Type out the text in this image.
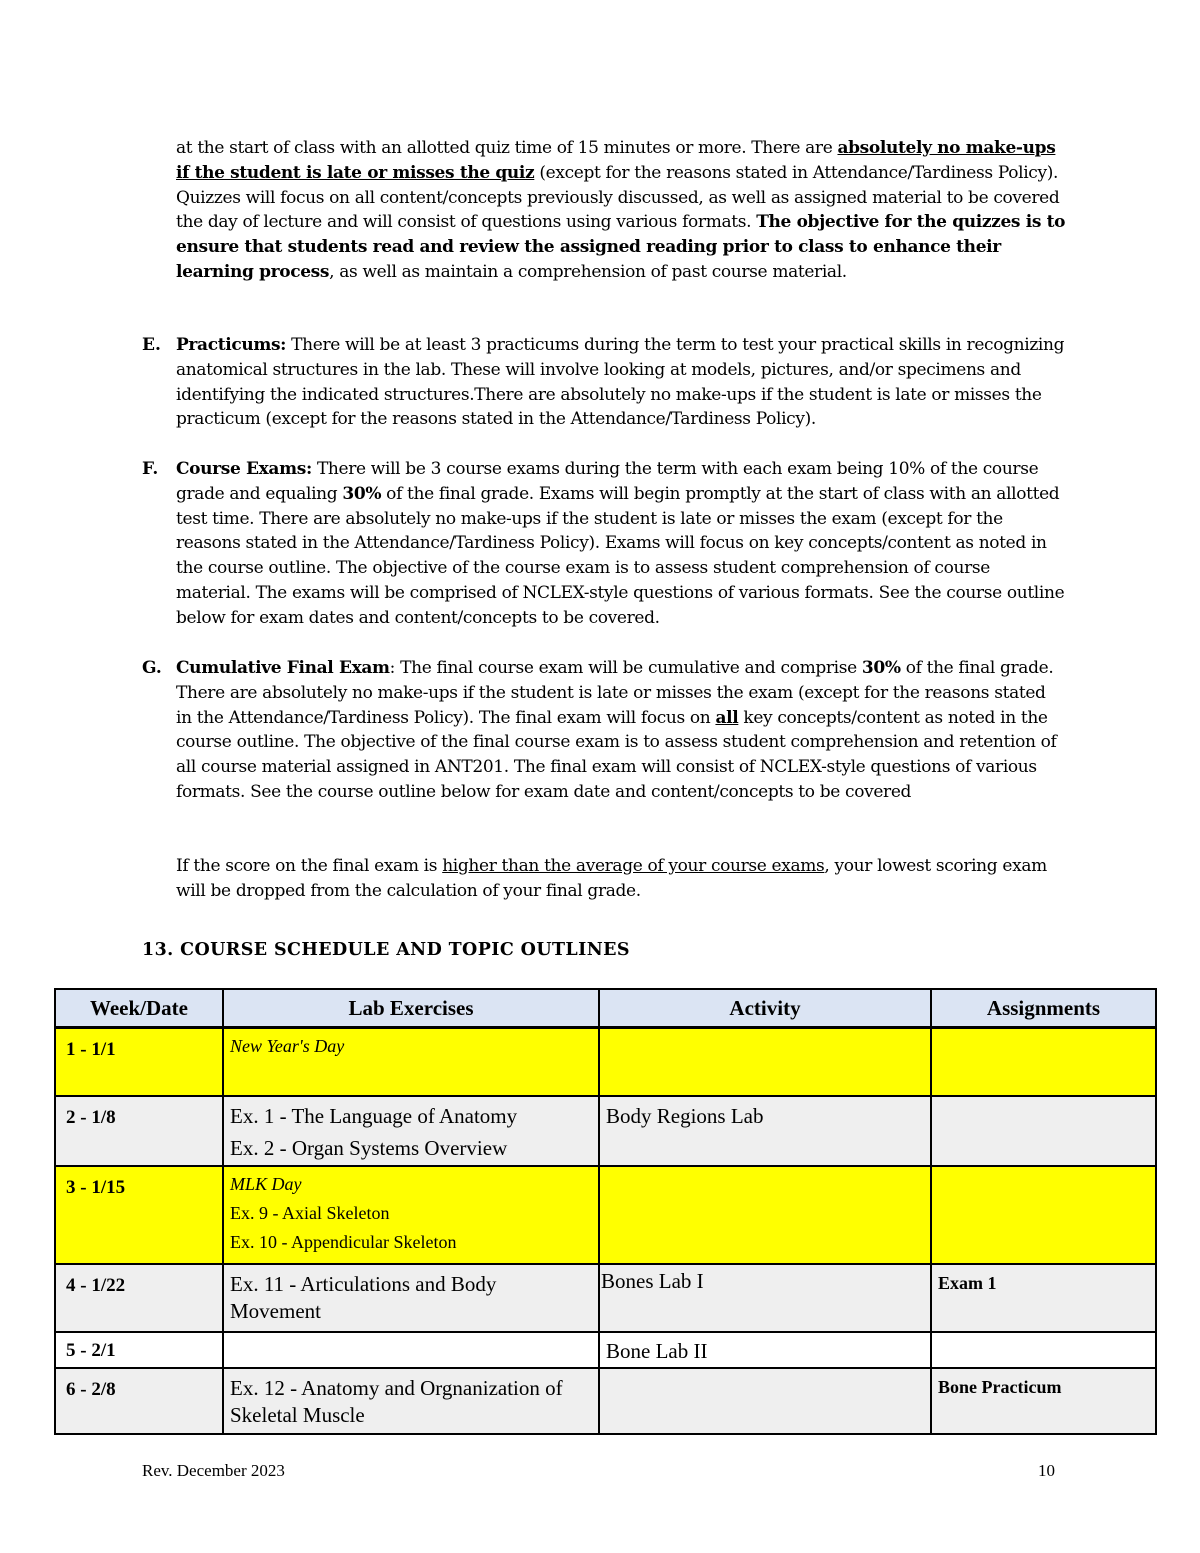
at the start of class with an allotted quiz time of 15 minutes or more. There are absolutely no make-ups if the student is late or misses the quiz (except for the reasons stated in Attendance/Tardiness Policy). Quizzes will focus on all content/concepts previously discussed, as well as assigned material to be covered the day of lecture and will consist of questions using various formats. The objective for the quizzes is to ensure that students read and review the assigned reading prior to class to enhance their learning process, as well as maintain a comprehension of past course material.
E. Practicums: There will be at least 3 practicums during the term to test your practical skills in recognizing anatomical structures in the lab. These will involve looking at models, pictures, and/or specimens and identifying the indicated structures.There are absolutely no make-ups if the student is late or misses the practicum (except for the reasons stated in the Attendance/Tardiness Policy).
F. Course Exams: There will be 3 course exams during the term with each exam being 10% of the course grade and equaling 30% of the final grade. Exams will begin promptly at the start of class with an allotted test time. There are absolutely no make-ups if the student is late or misses the exam (except for the reasons stated in the Attendance/Tardiness Policy). Exams will focus on key concepts/content as noted in the course outline. The objective of the course exam is to assess student comprehension of course material. The exams will be comprised of NCLEX-style questions of various formats. See the course outline below for exam dates and content/concepts to be covered.
G. Cumulative Final Exam: The final course exam will be cumulative and comprise 30% of the final grade. There are absolutely no make-ups if the student is late or misses the exam (except for the reasons stated in the Attendance/Tardiness Policy). The final exam will focus on all key concepts/content as noted in the course outline. The objective of the final course exam is to assess student comprehension and retention of all course material assigned in ANT201. The final exam will consist of NCLEX-style questions of various formats. See the course outline below for exam date and content/concepts to be covered
If the score on the final exam is higher than the average of your course exams, your lowest scoring exam will be dropped from the calculation of your final grade.
13. COURSE SCHEDULE AND TOPIC OUTLINES
Week/Date	Lab Exercises	Activity	Assignments
1 - 1/1	New Year's Day		

2 - 1/8	Ex. 1 - The Language of Anatomy
Ex. 2 - Organ Systems Overview	Body Regions Lab	
3 - 1/15	MLK Day
Ex. 9 - Axial Skeleton
Ex. 10 - Appendicular Skeleton		

4 - 1/22	Ex. 11 - Articulations and Body Movement	Bones Lab I	Exam 1
5 - 2/1		Bone Lab II	
6 - 2/8	Ex. 12 - Anatomy and Orgnanization of Skeletal Muscle		Bone Practicum
Rev. December 2023	10
